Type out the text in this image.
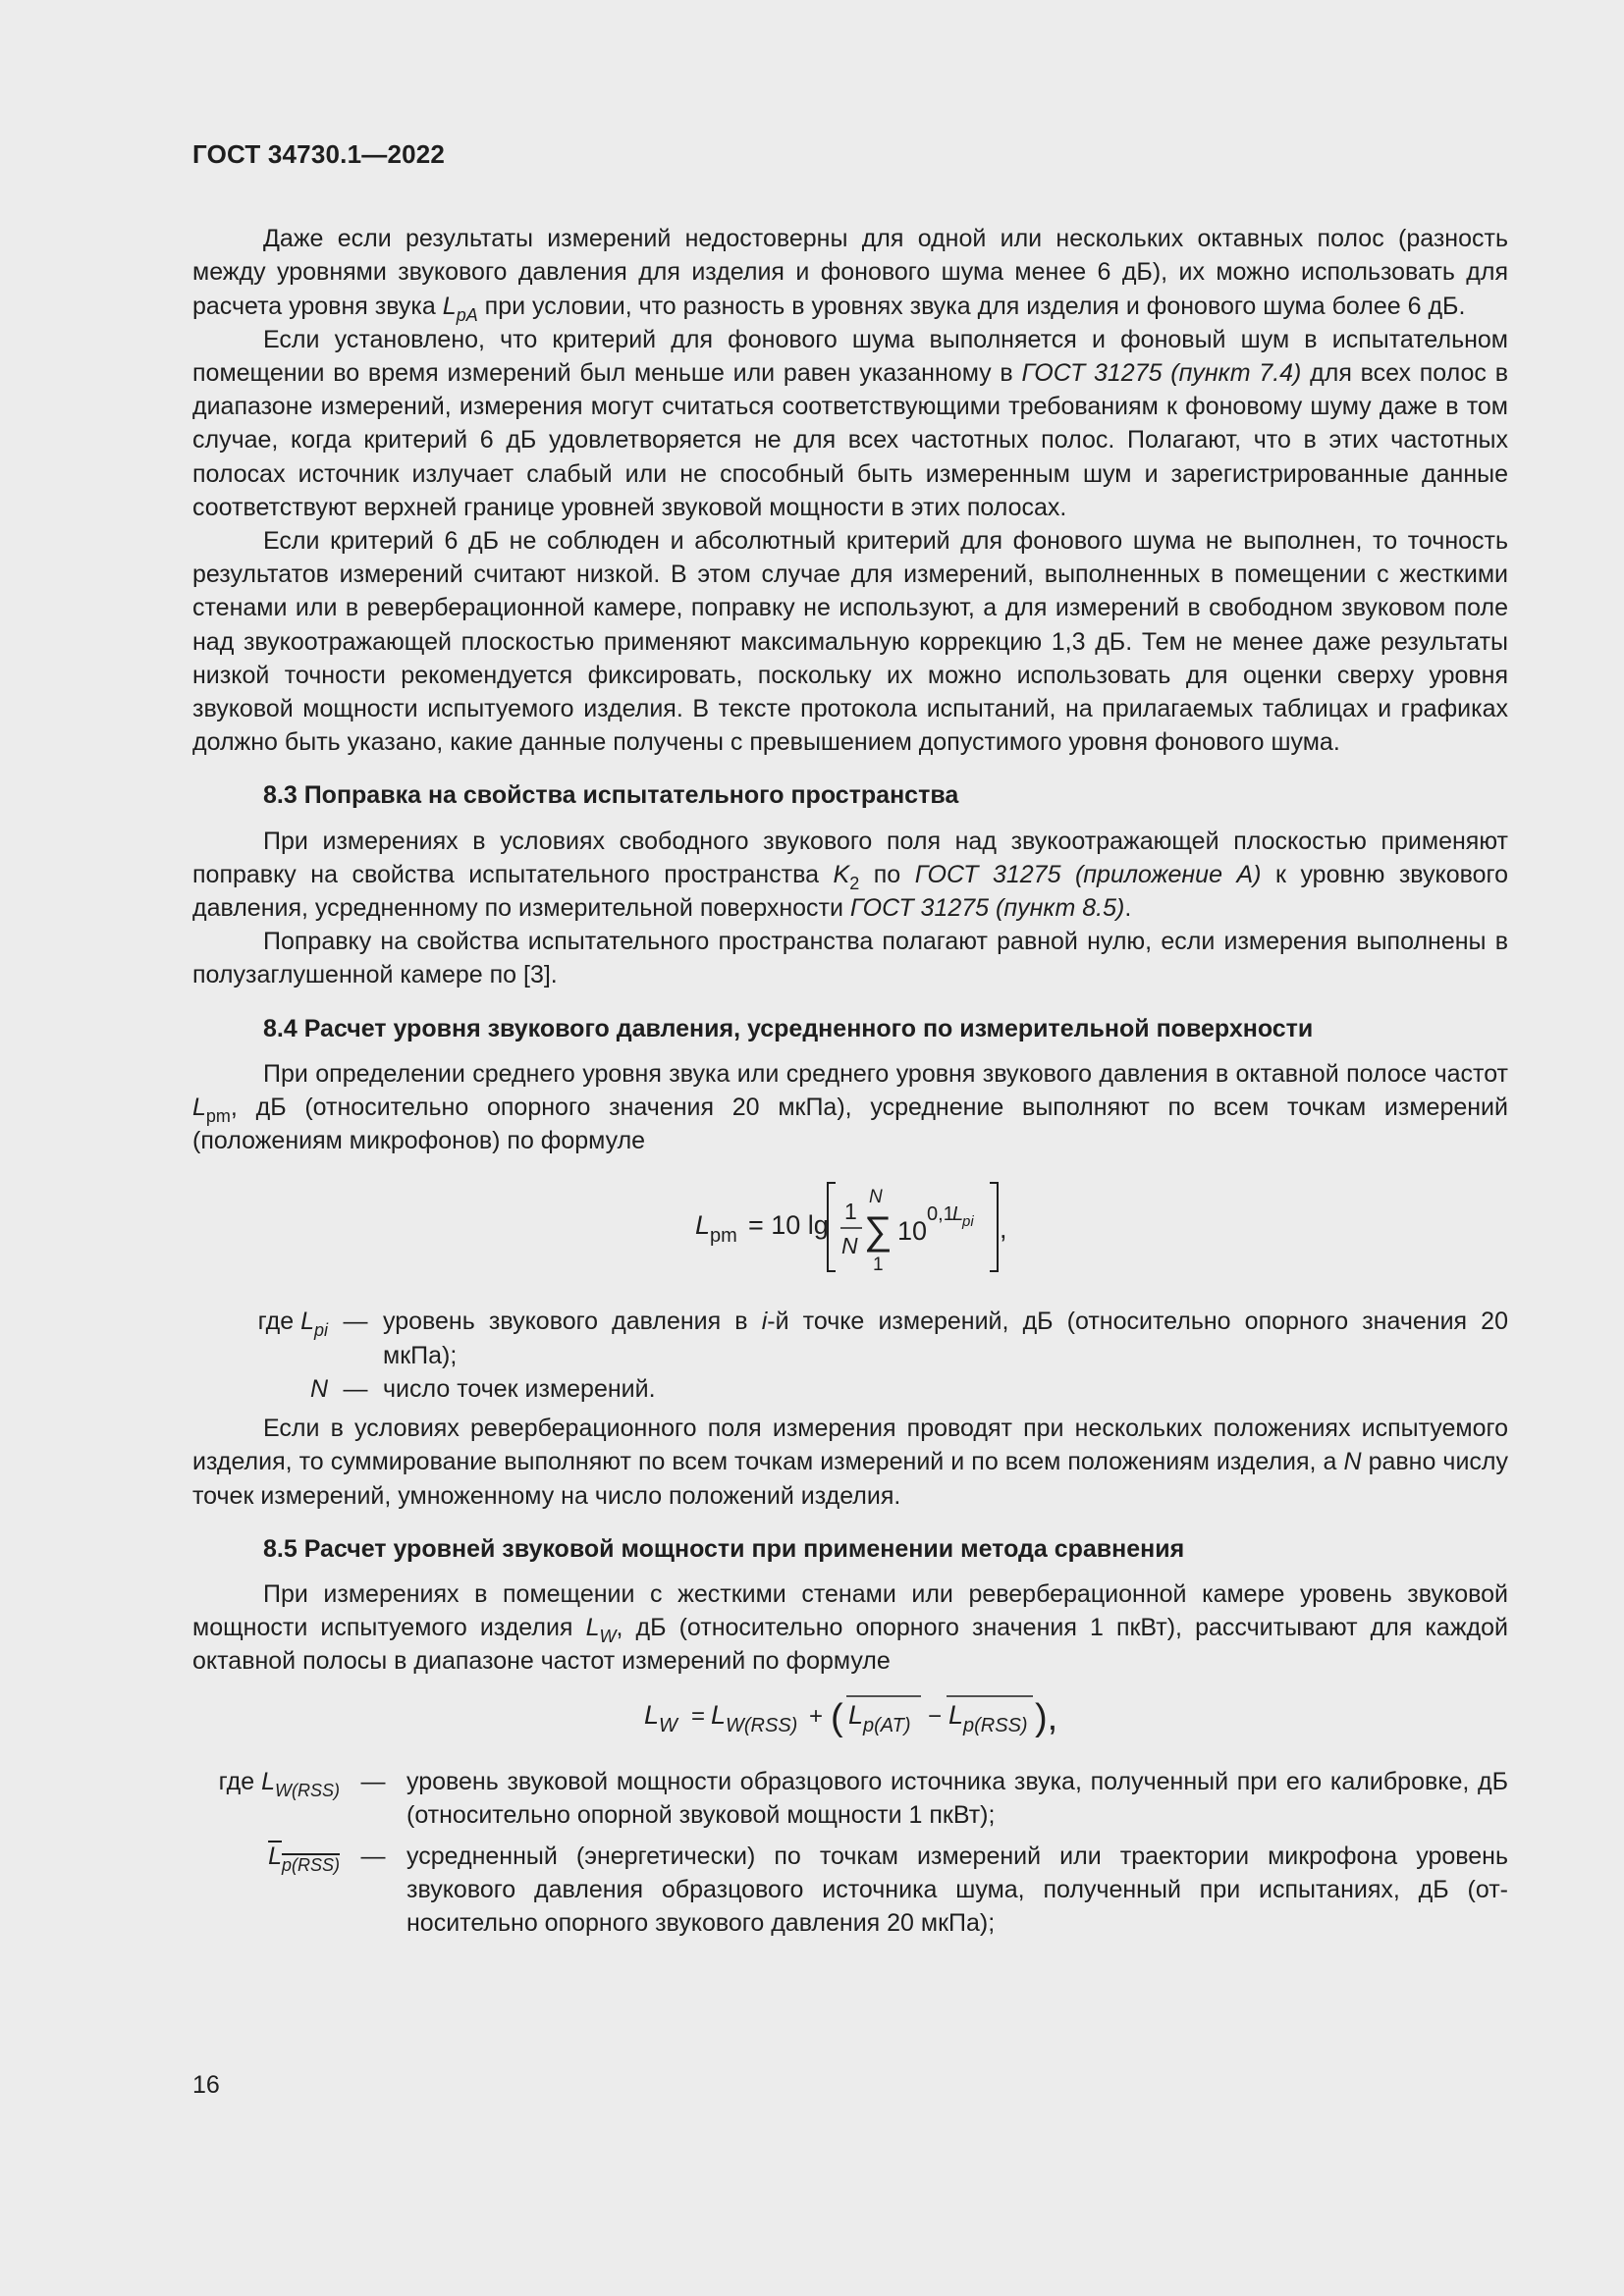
ГОСТ 34730.1—2022

Даже если результаты измерений недостоверны для одной или нескольких октавных полос (разность между уровнями звукового давления для изделия и фонового шума менее 6 дБ), их можно использовать для расчета уровня звука $L_{pA}$ при условии, что разность в уровнях звука для изделия и фонового шума более 6 дБ.

Если установлено, что критерий для фонового шума выполняется и фоновый шум в испытательном помещении во время измерений был меньше или равен указанному в ГОСТ 31275 (пункт 7.4) для всех полос в диапазоне измерений, измерения могут считаться соответствующими требованиям к фоновому шуму даже в том случае, когда критерий 6 дБ удовлетворяется не для всех частотных полос. Полагают, что в этих частотных полосах источник излучает слабый или не способный быть измеренным шум и зарегистрированные данные соответствуют верхней границе уровней звуковой мощности в этих полосах.

Если критерий 6 дБ не соблюден и абсолютный критерий для фонового шума не выполнен, то точность результатов измерений считают низкой. В этом случае для измерений, выполненных в помещении с жесткими стенами или в реверберационной камере, поправку не используют, а для измерений в свободном звуковом поле над звукоотражающей плоскостью применяют максимальную коррекцию 1,3 дБ. Тем не менее даже результаты низкой точности рекомендуется фиксировать, поскольку их можно использовать для оценки сверху уровня звуковой мощности испытуемого изделия. В тексте протокола испытаний, на прилагаемых таблицах и графиках должно быть указано, какие данные получены с превышением допустимого уровня фонового шума.

8.3 Поправка на свойства испытательного пространства

При измерениях в условиях свободного звукового поля над звукоотражающей плоскостью применяют поправку на свойства испытательного пространства $K_2$ по ГОСТ 31275 (приложение А) к уровню звукового давления, усредненному по измерительной поверхности ГОСТ 31275 (пункт 8.5).

Поправку на свойства испытательного пространства полагают равной нулю, если измерения выполнены в полузаглушенной камере по [3].

8.4 Расчет уровня звукового давления, усредненного по измерительной поверхности

При определении среднего уровня звука или среднего уровня звукового давления в октавной полосе частот $L_{pm}$, дБ (относительно опорного значения 20 мкПа), усреднение выполняют по всем точкам измерений (положениям микрофонов) по формуле

L pm = 10 lg 1
N
N
∑
1
10
0,1
L
pi ,
где $L_{pi}$ — уровень звукового давления в i-й точке измерений, дБ (относительно опорного значения 20 мкПа);
N — число точек измерений.

Если в условиях реверберационного поля измерения проводят при нескольких положениях испытуемого изделия, то суммирование выполняют по всем точкам измерений и по всем положениям изделия, а N равно числу точек измерений, умноженному на число положений изделия.

8.5 Расчет уровней звуковой мощности при применении метода сравнения

При измерениях в помещении с жесткими стенами или реверберационной камере уровень звуковой мощности испытуемого изделия $L_W$, дБ (относительно опорного значения 1 пкВт), рассчитывают для каждой октавной полосы в диапазоне частот измерений по формуле

L W = L W(RSS) + ( L p(AT) − L p(RSS) ),
где $L_{W(RSS)}$ — уровень звуковой мощности образцового источника звука, полученный при его калибровке, дБ (относительно опорной звуковой мощности 1 пкВт);
$L_{p(RSS)}$ — усредненный (энергетически) по точкам измерений или траектории микрофона уровень звукового давления образцового источника шума, полученный при испытаниях, дБ (относительно опорного звукового давления 20 мкПа);
16
